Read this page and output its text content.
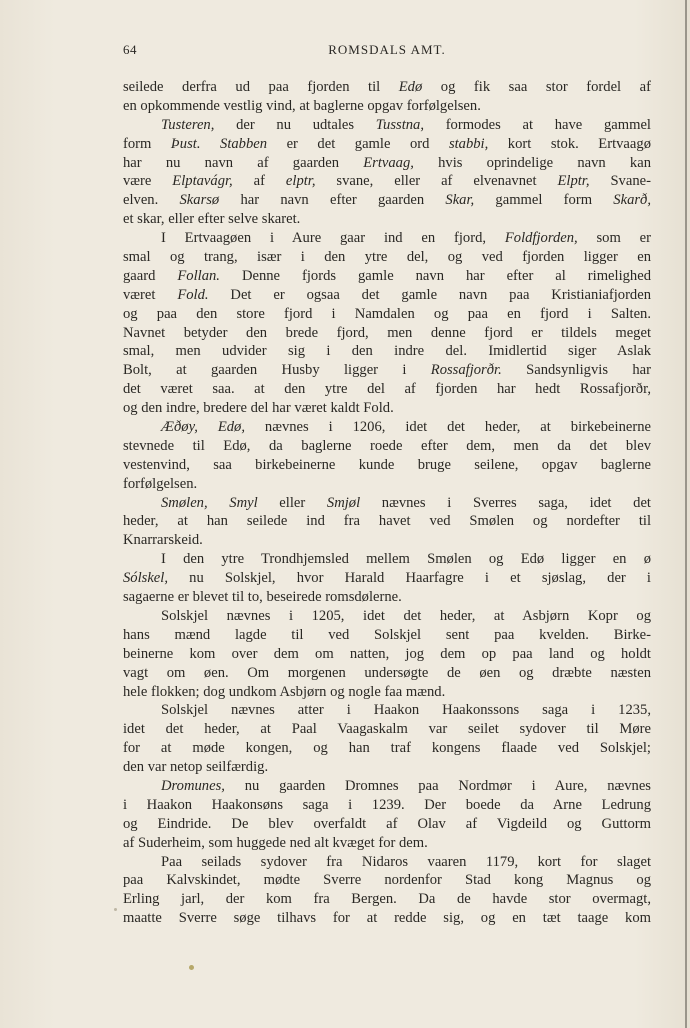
64	ROMSDALS AMT.
seilede derfra ud paa fjorden til Edø og fik saa stor fordel af
en opkommende vestlig vind, at baglerne opgav forfølgelsen.
Tusteren, der nu udtales Tusstna, formodes at have gammel
form Þust. Stabben er det gamle ord stabbi, kort stok. Ertvaagø
har nu navn af gaarden Ertvaag, hvis oprindelige navn kan
være Elptavágr, af elptr, svane, eller af elvenavnet Elptr, Svane-
elven. Skarsø har navn efter gaarden Skar, gammel form Skarð,
et skar, eller efter selve skaret.
I Ertvaagøen i Aure gaar ind en fjord, Foldfjorden, som er
smal og trang, især i den ytre del, og ved fjorden ligger en
gaard Follan. Denne fjords gamle navn har efter al rimelighed
været Fold. Det er ogsaa det gamle navn paa Kristianiafjorden
og paa den store fjord i Namdalen og paa en fjord i Salten.
Navnet betyder den brede fjord, men denne fjord er tildels meget
smal, men udvider sig i den indre del. Imidlertid siger Aslak
Bolt, at gaarden Husby ligger i Rossafjorðr. Sandsynligvis har
det været saa. at den ytre del af fjorden har hedt Rossafjorðr,
og den indre, bredere del har været kaldt Fold.
Æðøy, Edø, nævnes i 1206, idet det heder, at birkebeinerne
stevnede til Edø, da baglerne roede efter dem, men da det blev
vestenvind, saa birkebeinerne kunde bruge seilene, opgav baglerne
forfølgelsen.
Smølen, Smyl eller Smjøl nævnes i Sverres saga, idet det
heder, at han seilede ind fra havet ved Smølen og nordefter til
Knarrarskeid.
I den ytre Trondhjemsled mellem Smølen og Edø ligger en ø
Sólskel, nu Solskjel, hvor Harald Haarfagre i et sjøslag, der i
sagaerne er blevet til to, beseirede romsdølerne.
Solskjel nævnes i 1205, idet det heder, at Asbjørn Kopr og
hans mænd lagde til ved Solskjel sent paa kvelden. Birke-
beinerne kom over dem om natten, jog dem op paa land og holdt
vagt om øen. Om morgenen undersøgte de øen og dræbte næsten
hele flokken; dog undkom Asbjørn og nogle faa mænd.
Solskjel nævnes atter i Haakon Haakonssons saga i 1235,
idet det heder, at Paal Vaagaskalm var seilet sydover til Møre
for at møde kongen, og han traf kongens flaade ved Solskjel;
den var netop seilfærdig.
Dromunes, nu gaarden Dromnes paa Nordmør i Aure, nævnes
i Haakon Haakonsøns saga i 1239. Der boede da Arne Ledrung
og Eindride. De blev overfaldt af Olav af Vigdeild og Guttorm
af Suderheim, som huggede ned alt kvæget for dem.
Paa seilads sydover fra Nidaros vaaren 1179, kort for slaget
paa Kalvskindet, mødte Sverre nordenfor Stad kong Magnus og
Erling jarl, der kom fra Bergen. Da de havde stor overmagt,
maatte Sverre søge tilhavs for at redde sig, og en tæt taage kom
